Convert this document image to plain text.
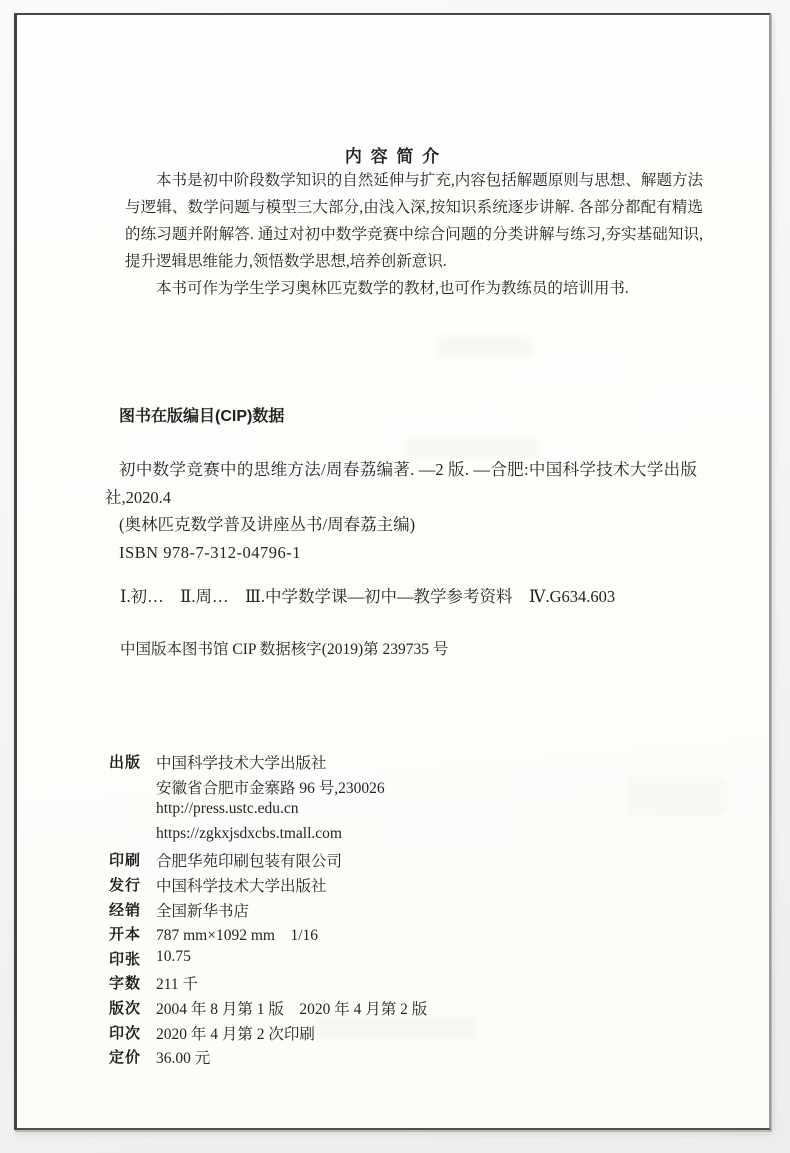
内 容 简 介

本书是初中阶段数学知识的自然延伸与扩充,内容包括解题原则与思想、解题方法与逻辑、数学问题与模型三大部分,由浅入深,按知识系统逐步讲解. 各部分都配有精选的练习题并附解答. 通过对初中数学竞赛中综合问题的分类讲解与练习,夯实基础知识,提升逻辑思维能力,领悟数学思想,培养创新意识.

本书可作为学生学习奥林匹克数学的教材,也可作为教练员的培训用书.

图书在版编目(CIP)数据

初中数学竞赛中的思维方法/周春荔编著. —2 版. —合肥:中国科学技术大学出版社,2020.4

(奥林匹克数学普及讲座丛书/周春荔主编)

ISBN 978-7-312-04796-1

Ⅰ.初…　Ⅱ.周…　Ⅲ.中学数学课—初中—教学参考资料　Ⅳ.G634.603
中国版本图书馆 CIP 数据核字(2019)第 239735 号
出版 中国科学技术大学出版社
安徽省合肥市金寨路 96 号,230026
http://press.ustc.edu.cn
https://zgkxjsdxcbs.tmall.com
印刷 合肥华苑印刷包装有限公司
发行 中国科学技术大学出版社
经销 全国新华书店
开本 787 mm×1092 mm　1/16
印张 10.75
字数 211 千
版次 2004 年 8 月第 1 版　2020 年 4 月第 2 版
印次 2020 年 4 月第 2 次印刷
定价 36.00 元
